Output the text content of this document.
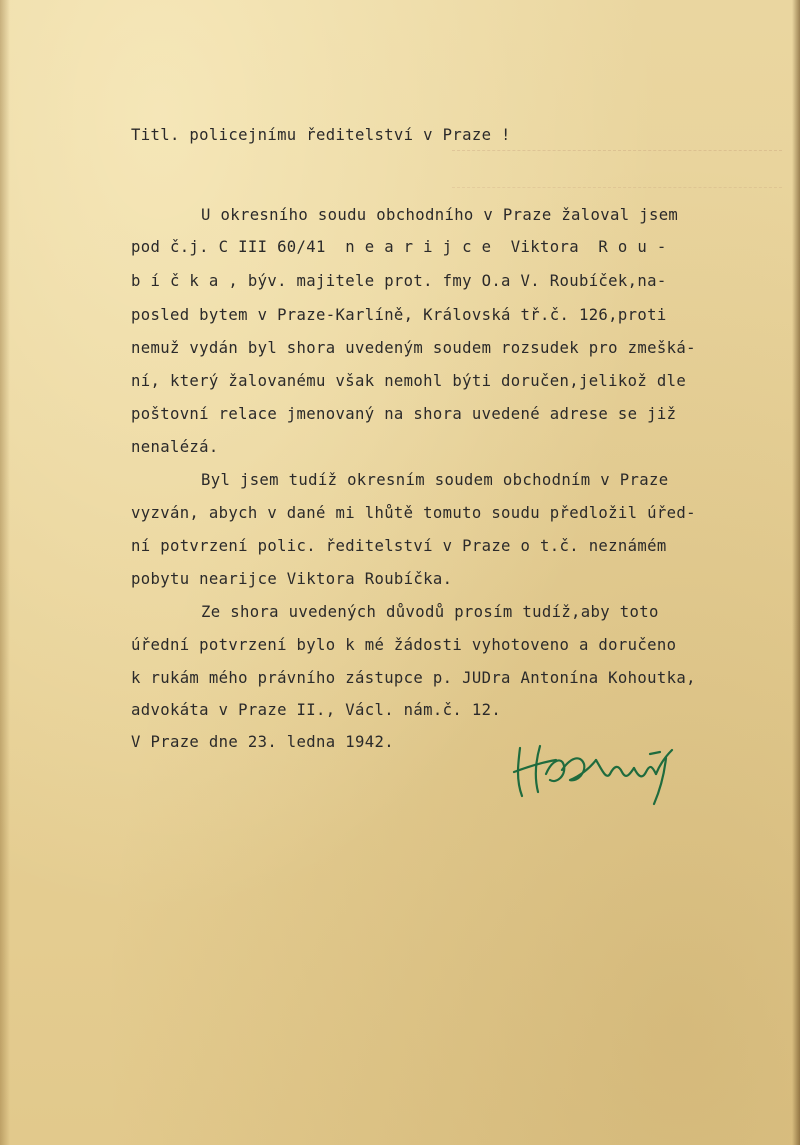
Titl. policejnímu ředitelství v Praze !
U okresního soudu obchodního v Praze žaloval jsem
pod č.j. C III 60/41  n e a r i j c e  Viktora  R o u -
b í č k a , býv. majitele prot. fmy O.a V. Roubíček,na-
posled bytem v Praze-Karlíně, Královská tř.č. 126,proti
nemuž vydán byl shora uvedeným soudem rozsudek pro zmešká-
ní, který žalovanému však nemohl býti doručen,jelikož dle
poštovní relace jmenovaný na shora uvedené adrese se již
nenalézá.
Byl jsem tudíž okresním soudem obchodním v Praze
vyzván, abych v dané mi lhůtě tomuto soudu předložil úřed-
ní potvrzení polic. ředitelství v Praze o t.č. neznámém
pobytu nearijce Viktora Roubíčka.
Ze shora uvedených důvodů prosím tudíž,aby toto
úřední potvrzení bylo k mé žádosti vyhotoveno a doručeno
k rukám mého právního zástupce p. JUDra Antonína Kohoutka,
advokáta v Praze II., Václ. nám.č. 12.
V Praze dne 23. ledna 1942.
